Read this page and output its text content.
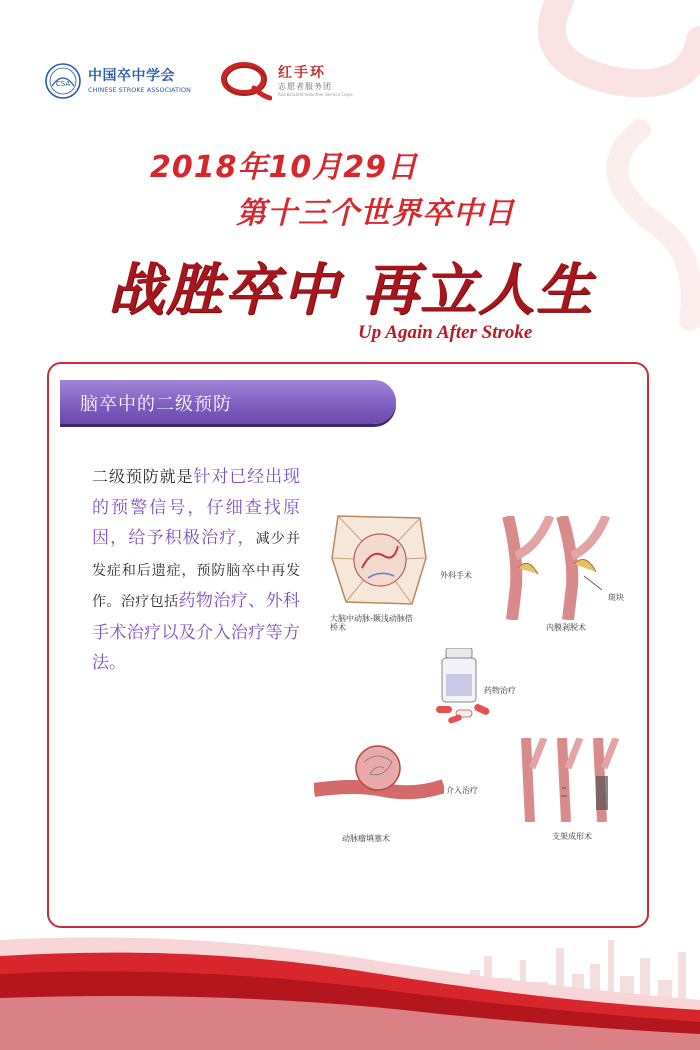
CSA
中国卒中学会
CHINESE STROKE ASSOCIATION
红手环
志愿者服务团
Red Bracelet Volunteer Service Corps
2018年10月29日
第十三个世界卒中日
战胜卒中 再立人生
Up Again After Stroke
脑卒中的二级预防
二级预防就是针对已经出现的预警信号，仔细查找原因，给予积极治疗，减少并发症和后遗症，预防脑卒中再发作。治疗包括药物治疗、外科手术治疗以及介入治疗等方法。
大脑中动脉-颞浅动脉搭桥术
外科手术
斑块
内膜剥脱术
药物治疗
动脉瘤填塞术
介入治疗
支架成形术
